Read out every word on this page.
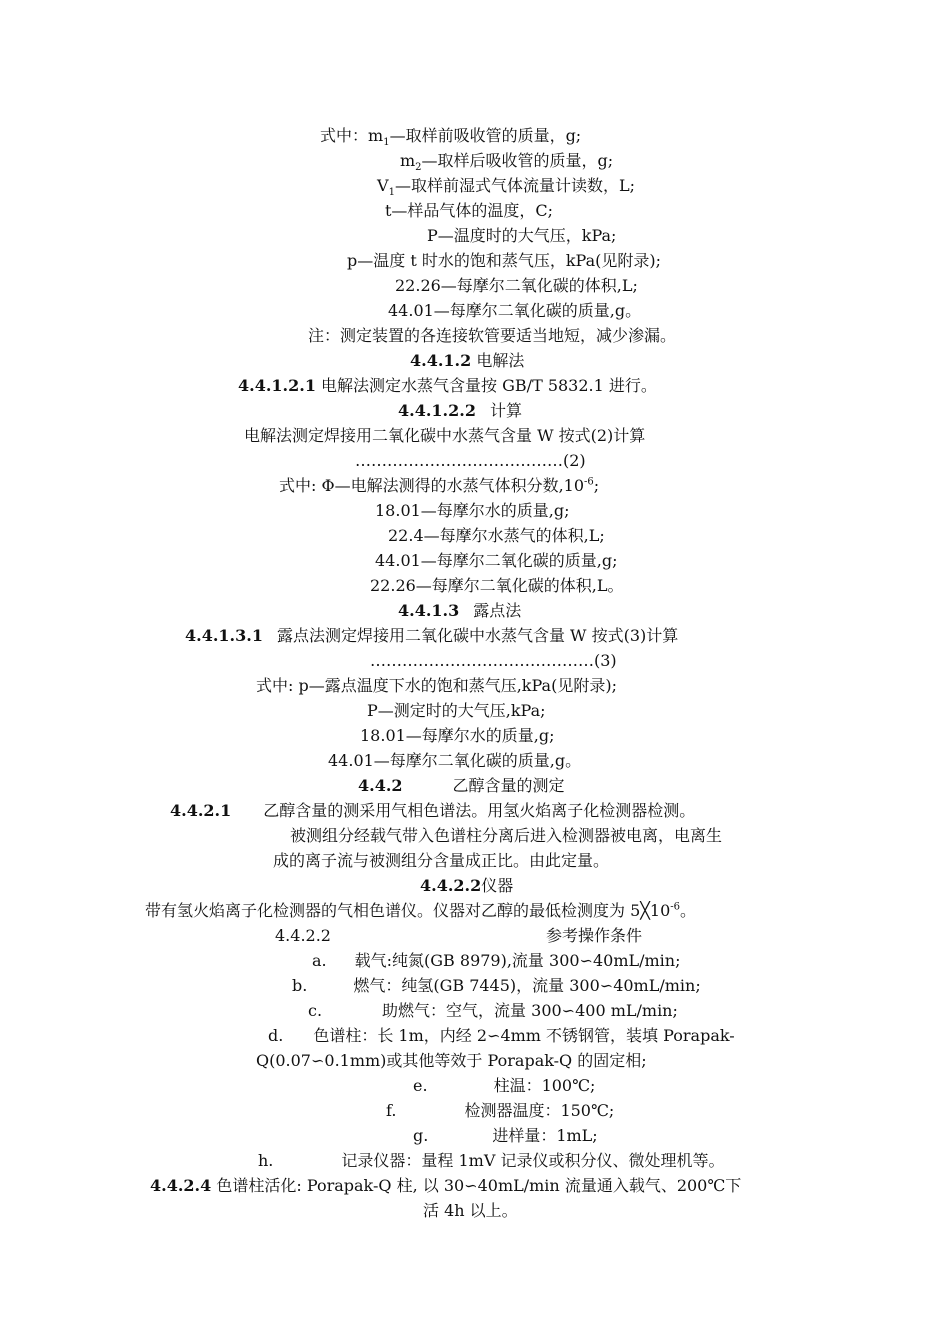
式中：$m_1—$取样前吸收管的质量，g;
$m_2—$取样后吸收管的质量，g;
$V_1—$取样前湿式气体流量计读数，L;
t—样品气体的温度，C;
P—温度时的大气压，kPa;
p—温度 t 时水的饱和蒸气压，kPa(见附录);
22.26—每摩尔二氧化碳的体积,L;
44.01—每摩尔二氧化碳的质量,g。
注：测定装置的各连接软管要适当地短，减少渗漏。
4.4.1.2 电解法
4.4.1.2.1 电解法测定水蒸气含量按 GB/T 5832.1 进行。
4.4.1.2.2 计算
电解法测定焊接用二氧化碳中水蒸气含量 W 按式(2)计算
…………………………………(2)
式中: Φ—电解法测得的水蒸气体积分数$,10^{-6}$;
18.01—每摩尔水的质量,g;
22.4—每摩尔水蒸气的体积,L;
44.01—每摩尔二氧化碳的质量,g;
22.26—每摩尔二氧化碳的体积,L。
4.4.1.3 露点法
4.4.1.3.1 露点法测定焊接用二氧化碳中水蒸气含量 W 按式(3)计算
……………………………………(3)
式中: p—露点温度下水的饱和蒸气压,kPa(见附录);
P—测定时的大气压,kPa;
18.01—每摩尔水的质量,g;
44.01—每摩尔二氧化碳的质量,g。
4.4.2	乙醇含量的测定
4.4.2.1 乙醇含量的测采用气相色谱法。用氢火焰离子化检测器检测。
被测组分经载气带入色谱柱分离后进入检测器被电离，电离生
成的离子流与被测组分含量成正比。由此定量。
4.4.2.2仪器
带有氢火焰离子化检测器的气相色谱仪。仪器对乙醇的最低检测度为 $5╳10^{-6}$。
4.4.2.2	参考操作条件
a. 载气:纯氮(GB 8979),流量 300∽40mL/min;
b.	燃气：纯氢(GB 7445)，流量 300∽40mL/min;
c.	助燃气：空气，流量 300∽400 mL/min;
d. 色谱柱：长 1m，内经 2∽4mm 不锈钢管，装填 Porapak-
Q(0.07∽0.1mm)或其他等效于 Porapak-Q 的固定相;
e.	柱温：100℃;
f.	检测器温度：150℃;
g.	进样量：1mL;
h.	记录仪器：量程 1mV 记录仪或积分仪、微处理机等。
4.4.2.4 色谱柱活化: Porapak-Q 柱, 以 30∽40mL/min 流量通入载气、200℃下
活 4h 以上。
